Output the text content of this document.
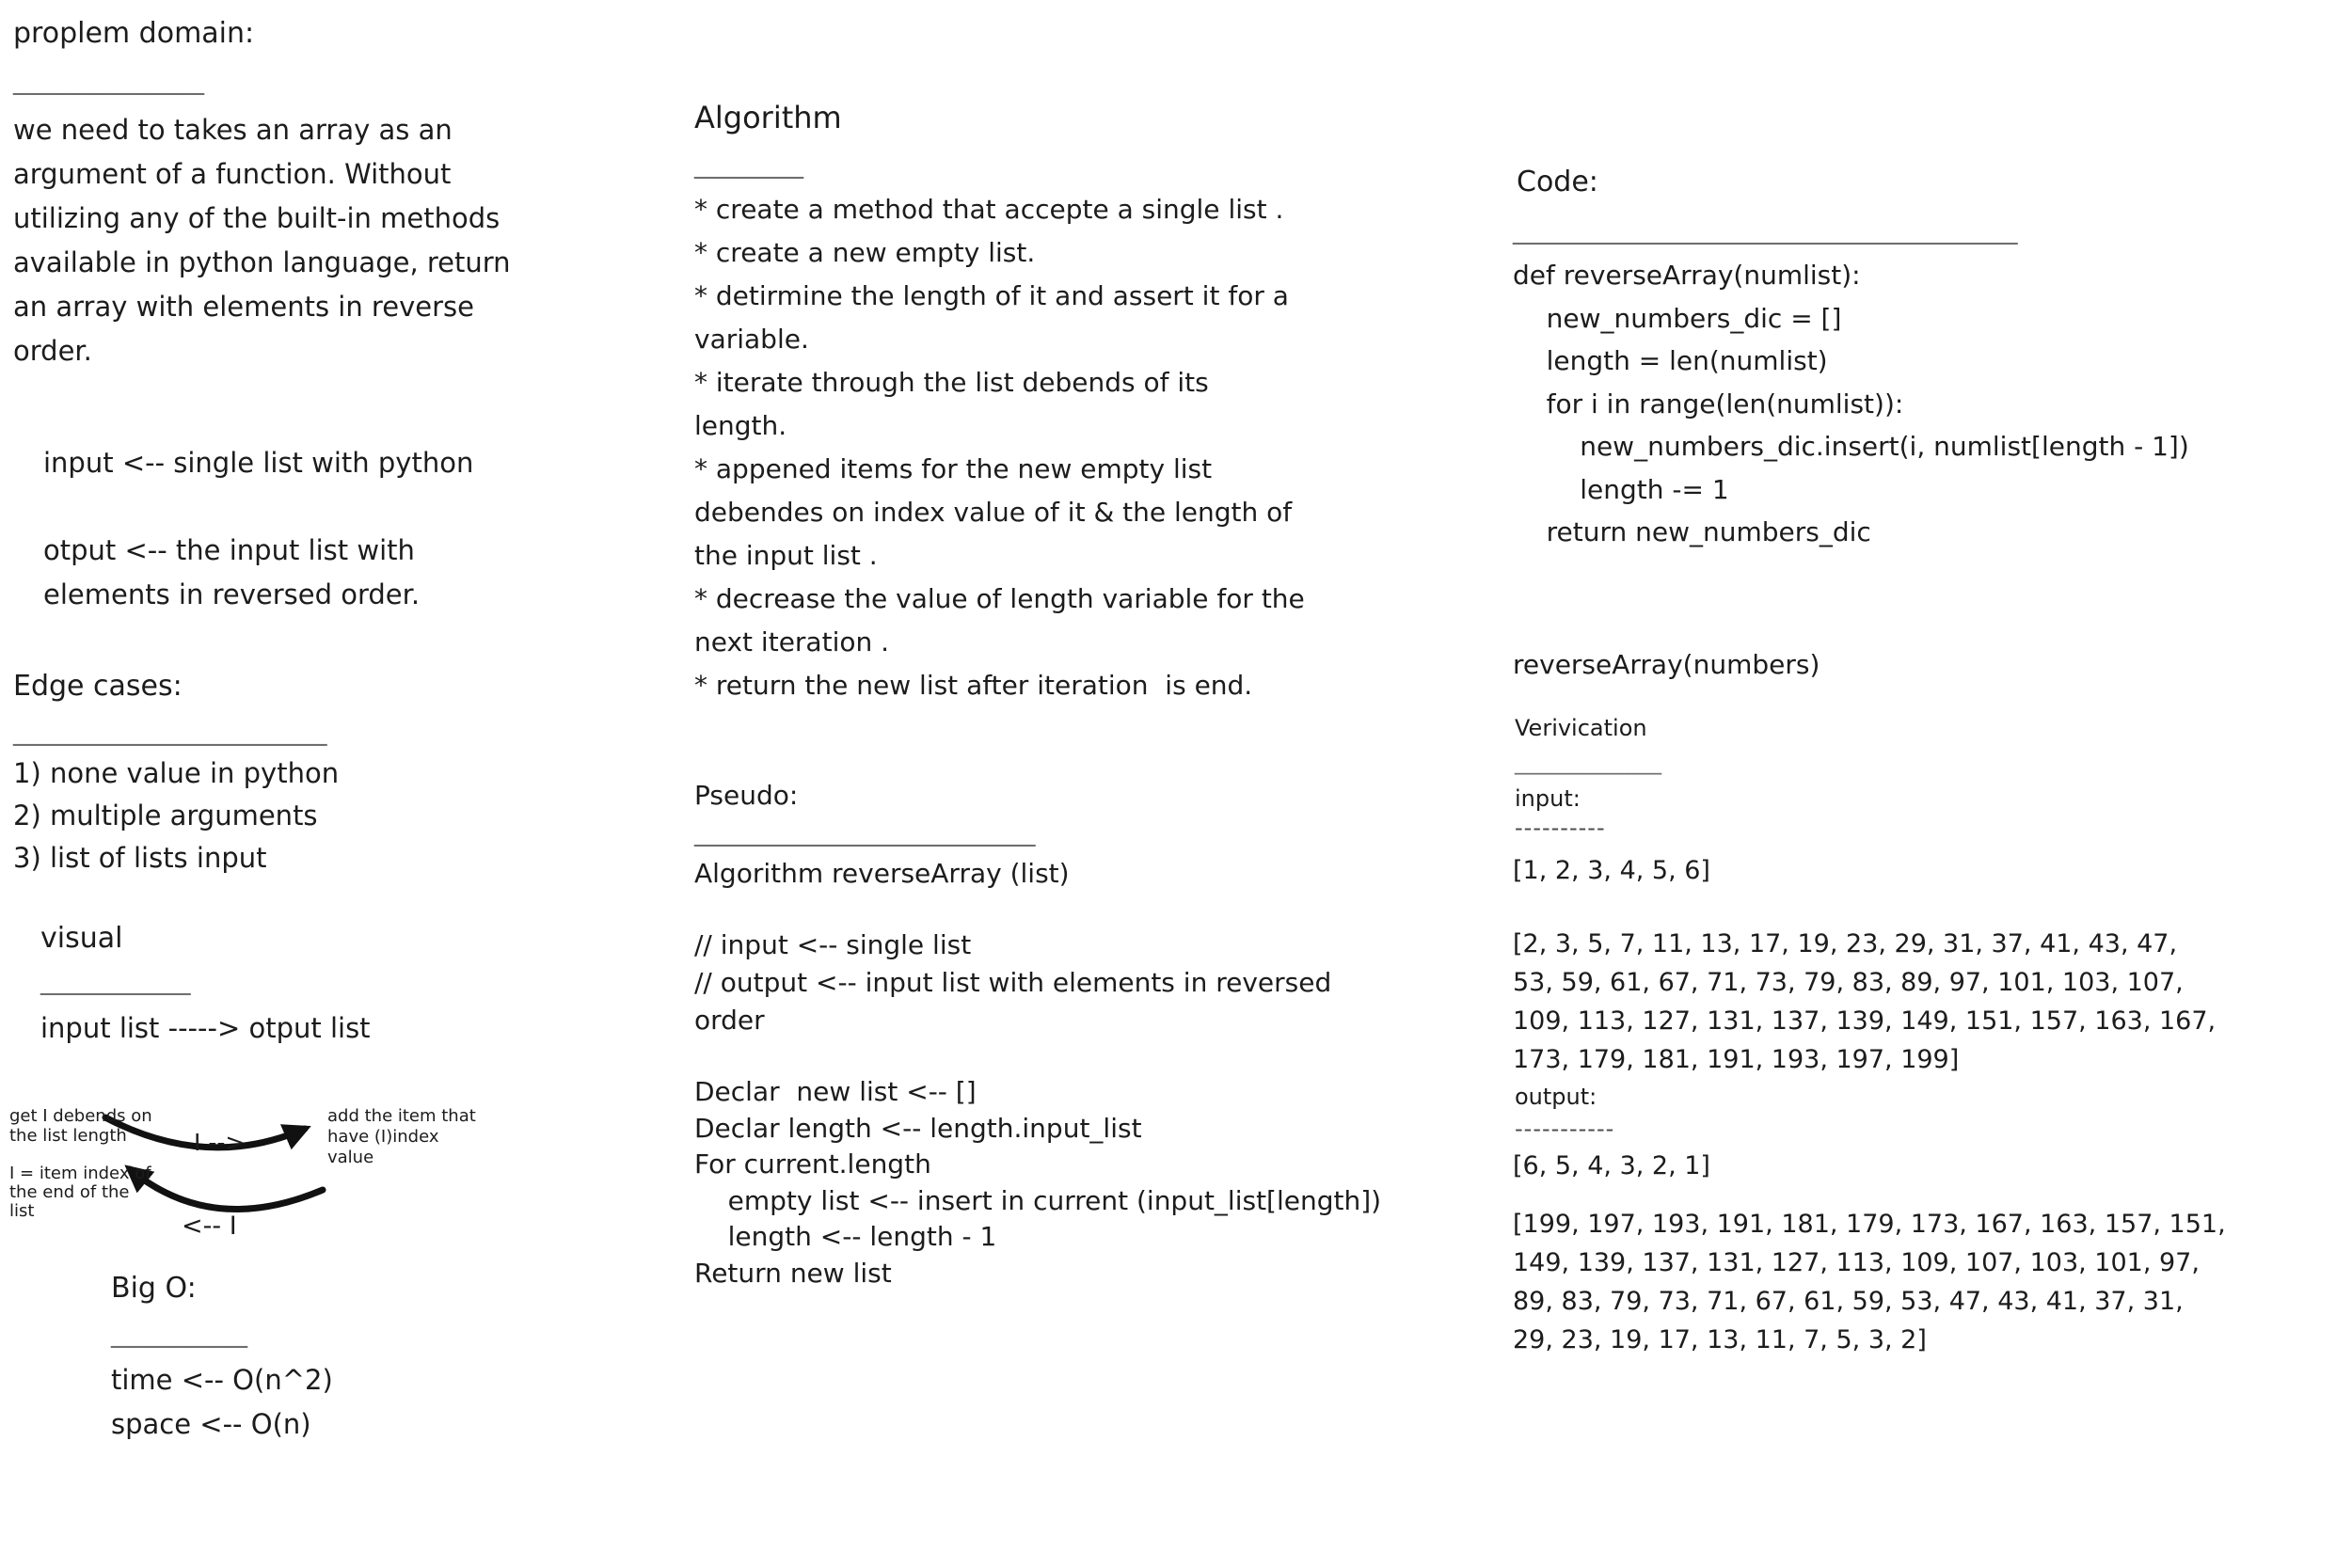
proplem domain:
______________
we need to takes an array as an
argument of a function. Without
utilizing any of the built-in methods
available in python language, return
an array with elements in reverse
order.
input <-- single list with python
otput <-- the input list with
elements in reversed order.
Edge cases:
_______________________
1) none value in python
2) multiple arguments
3) list of lists input
visual
___________
input list -----> otput list

get I debends on
the list length	I -->
add the item that
have (I)index
value
I = item index of
the end of the
list
<-- I
Big O:
__________
time <-- O(n^2)
space <-- O(n)
Algorithm
________
* create a method that accepte a single list .
* create a new empty list.
* detirmine the length of it and assert it for a
variable.
* iterate through the list debends of its
length.
* appened items for the new empty list
debendes on index value of it & the length of
the input list .
* decrease the value of length variable for the
next iteration .
* return the new list after iteration  is end.
Pseudo:
_________________________
Algorithm reverseArray (list)
// input <-- single list
// output <-- input list with elements in reversed
order
Declar  new list <-- []
Declar length <-- length.input_list
For current.length
empty list <-- insert in current (input_list[length])
length <-- length - 1
Return new list
Code:
_____________________________________
def reverseArray(numlist):
new_numbers_dic = []
length = len(numlist)
for i in range(len(numlist)):
new_numbers_dic.insert(i, numlist[length - 1])
length -= 1
return new_numbers_dic
reverseArray(numbers)
Verivication
_____________
input:
----------
[1, 2, 3, 4, 5, 6]
[2, 3, 5, 7, 11, 13, 17, 19, 23, 29, 31, 37, 41, 43, 47,
53, 59, 61, 67, 71, 73, 79, 83, 89, 97, 101, 103, 107,
109, 113, 127, 131, 137, 139, 149, 151, 157, 163, 167,
173, 179, 181, 191, 193, 197, 199]
output:
-----------
[6, 5, 4, 3, 2, 1]
[199, 197, 193, 191, 181, 179, 173, 167, 163, 157, 151,
149, 139, 137, 131, 127, 113, 109, 107, 103, 101, 97,
89, 83, 79, 73, 71, 67, 61, 59, 53, 47, 43, 41, 37, 31,
29, 23, 19, 17, 13, 11, 7, 5, 3, 2]
